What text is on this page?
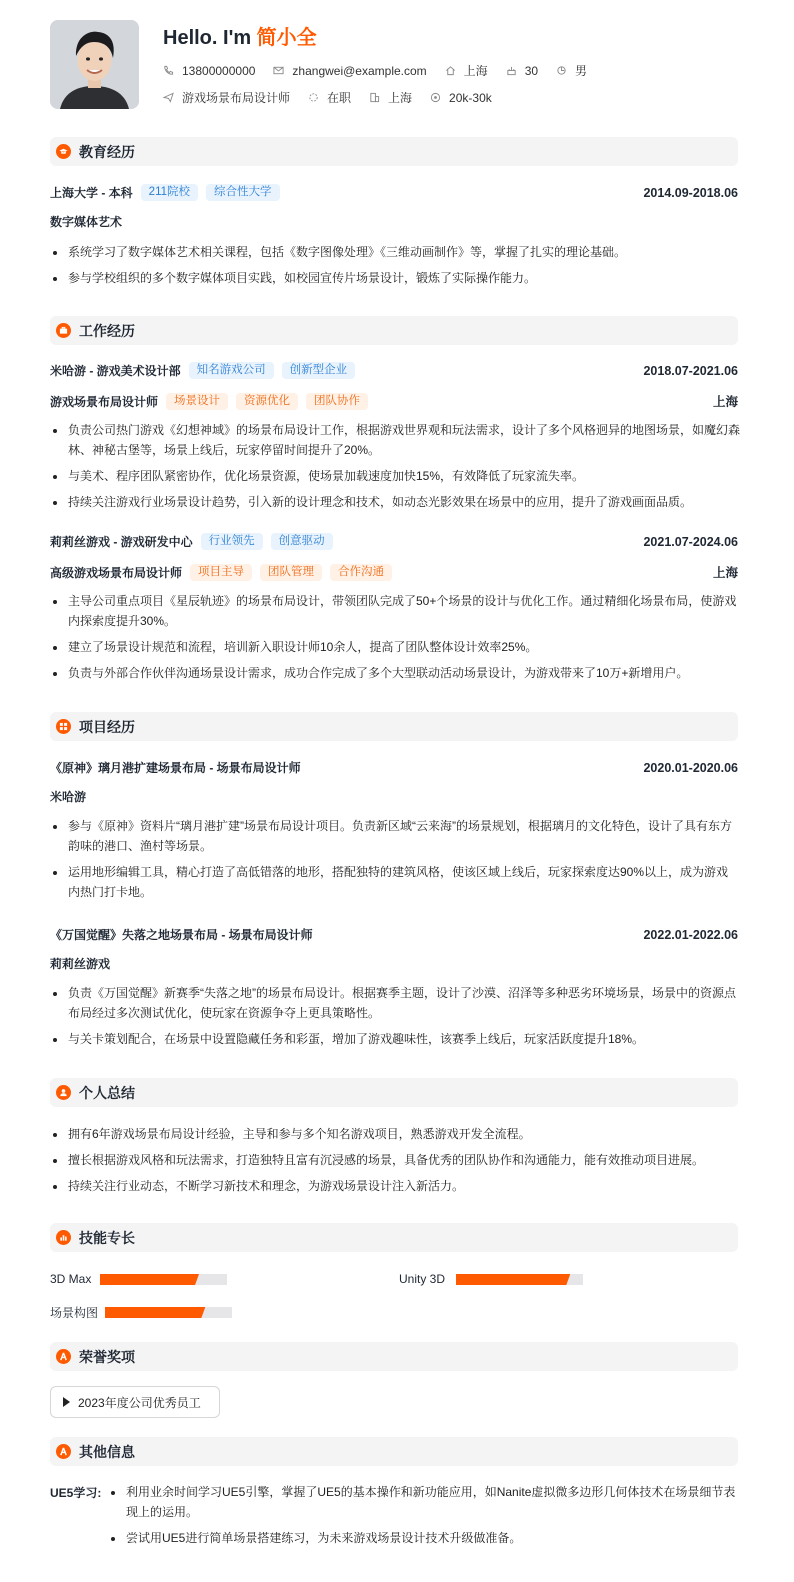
Hello. I'm 简小全
13800000000	zhangwei@example.com	上海	30	男
游戏场景布局设计师	在职	上海	20k-30k
教育经历
上海大学 - 本科	211院校	综合性大学	2014.09-2018.06
数字媒体艺术
系统学习了数字媒体艺术相关课程，包括《数字图像处理》《三维动画制作》等，掌握了扎实的理论基础。
参与学校组织的多个数字媒体项目实践，如校园宣传片场景设计，锻炼了实际操作能力。
工作经历
米哈游 - 游戏美术设计部	知名游戏公司	创新型企业	2018.07-2021.06
游戏场景布局设计师	场景设计	资源优化	团队协作	上海
负责公司热门游戏《幻想神域》的场景布局设计工作，根据游戏世界观和玩法需求，设计了多个风格迥异的地图场景，如魔幻森林、神秘古堡等，场景上线后，玩家停留时间提升了20%。
与美术、程序团队紧密协作，优化场景资源，使场景加载速度加快15%，有效降低了玩家流失率。
持续关注游戏行业场景设计趋势，引入新的设计理念和技术，如动态光影效果在场景中的应用，提升了游戏画面品质。
莉莉丝游戏 - 游戏研发中心	行业领先	创意驱动	2021.07-2024.06
高级游戏场景布局设计师	项目主导	团队管理	合作沟通	上海
主导公司重点项目《星辰轨迹》的场景布局设计，带领团队完成了50+个场景的设计与优化工作。通过精细化场景布局，使游戏内探索度提升30%。
建立了场景设计规范和流程，培训新入职设计师10余人，提高了团队整体设计效率25%。
负责与外部合作伙伴沟通场景设计需求，成功合作完成了多个大型联动活动场景设计，为游戏带来了10万+新增用户。
项目经历
《原神》璃月港扩建场景布局 - 场景布局设计师	2020.01-2020.06
米哈游
参与《原神》资料片“璃月港扩建”场景布局设计项目。负责新区域“云来海”的场景规划，根据璃月的文化特色，设计了具有东方韵味的港口、渔村等场景。
运用地形编辑工具，精心打造了高低错落的地形，搭配独特的建筑风格，使该区域上线后，玩家探索度达90%以上，成为游戏内热门打卡地。
《万国觉醒》失落之地场景布局 - 场景布局设计师	2022.01-2022.06
莉莉丝游戏
负责《万国觉醒》新赛季“失落之地”的场景布局设计。根据赛季主题，设计了沙漠、沼泽等多种恶劣环境场景，场景中的资源点布局经过多次测试优化，使玩家在资源争夺上更具策略性。
与关卡策划配合，在场景中设置隐藏任务和彩蛋，增加了游戏趣味性，该赛季上线后，玩家活跃度提升18%。
个人总结
拥有6年游戏场景布局设计经验，主导和参与多个知名游戏项目，熟悉游戏开发全流程。
擅长根据游戏风格和玩法需求，打造独特且富有沉浸感的场景，具备优秀的团队协作和沟通能力，能有效推动项目进展。
持续关注行业动态，不断学习新技术和理念，为游戏场景设计注入新活力。
技能专长
3D Max	Unity 3D
场景构图
荣誉奖项
2023年度公司优秀员工
其他信息
UE5学习:	利用业余时间学习UE5引擎，掌握了UE5的基本操作和新功能应用，如Nanite虚拟微多边形几何体技术在场景细节表现上的运用。
尝试用UE5进行简单场景搭建练习，为未来游戏场景设计技术升级做准备。
